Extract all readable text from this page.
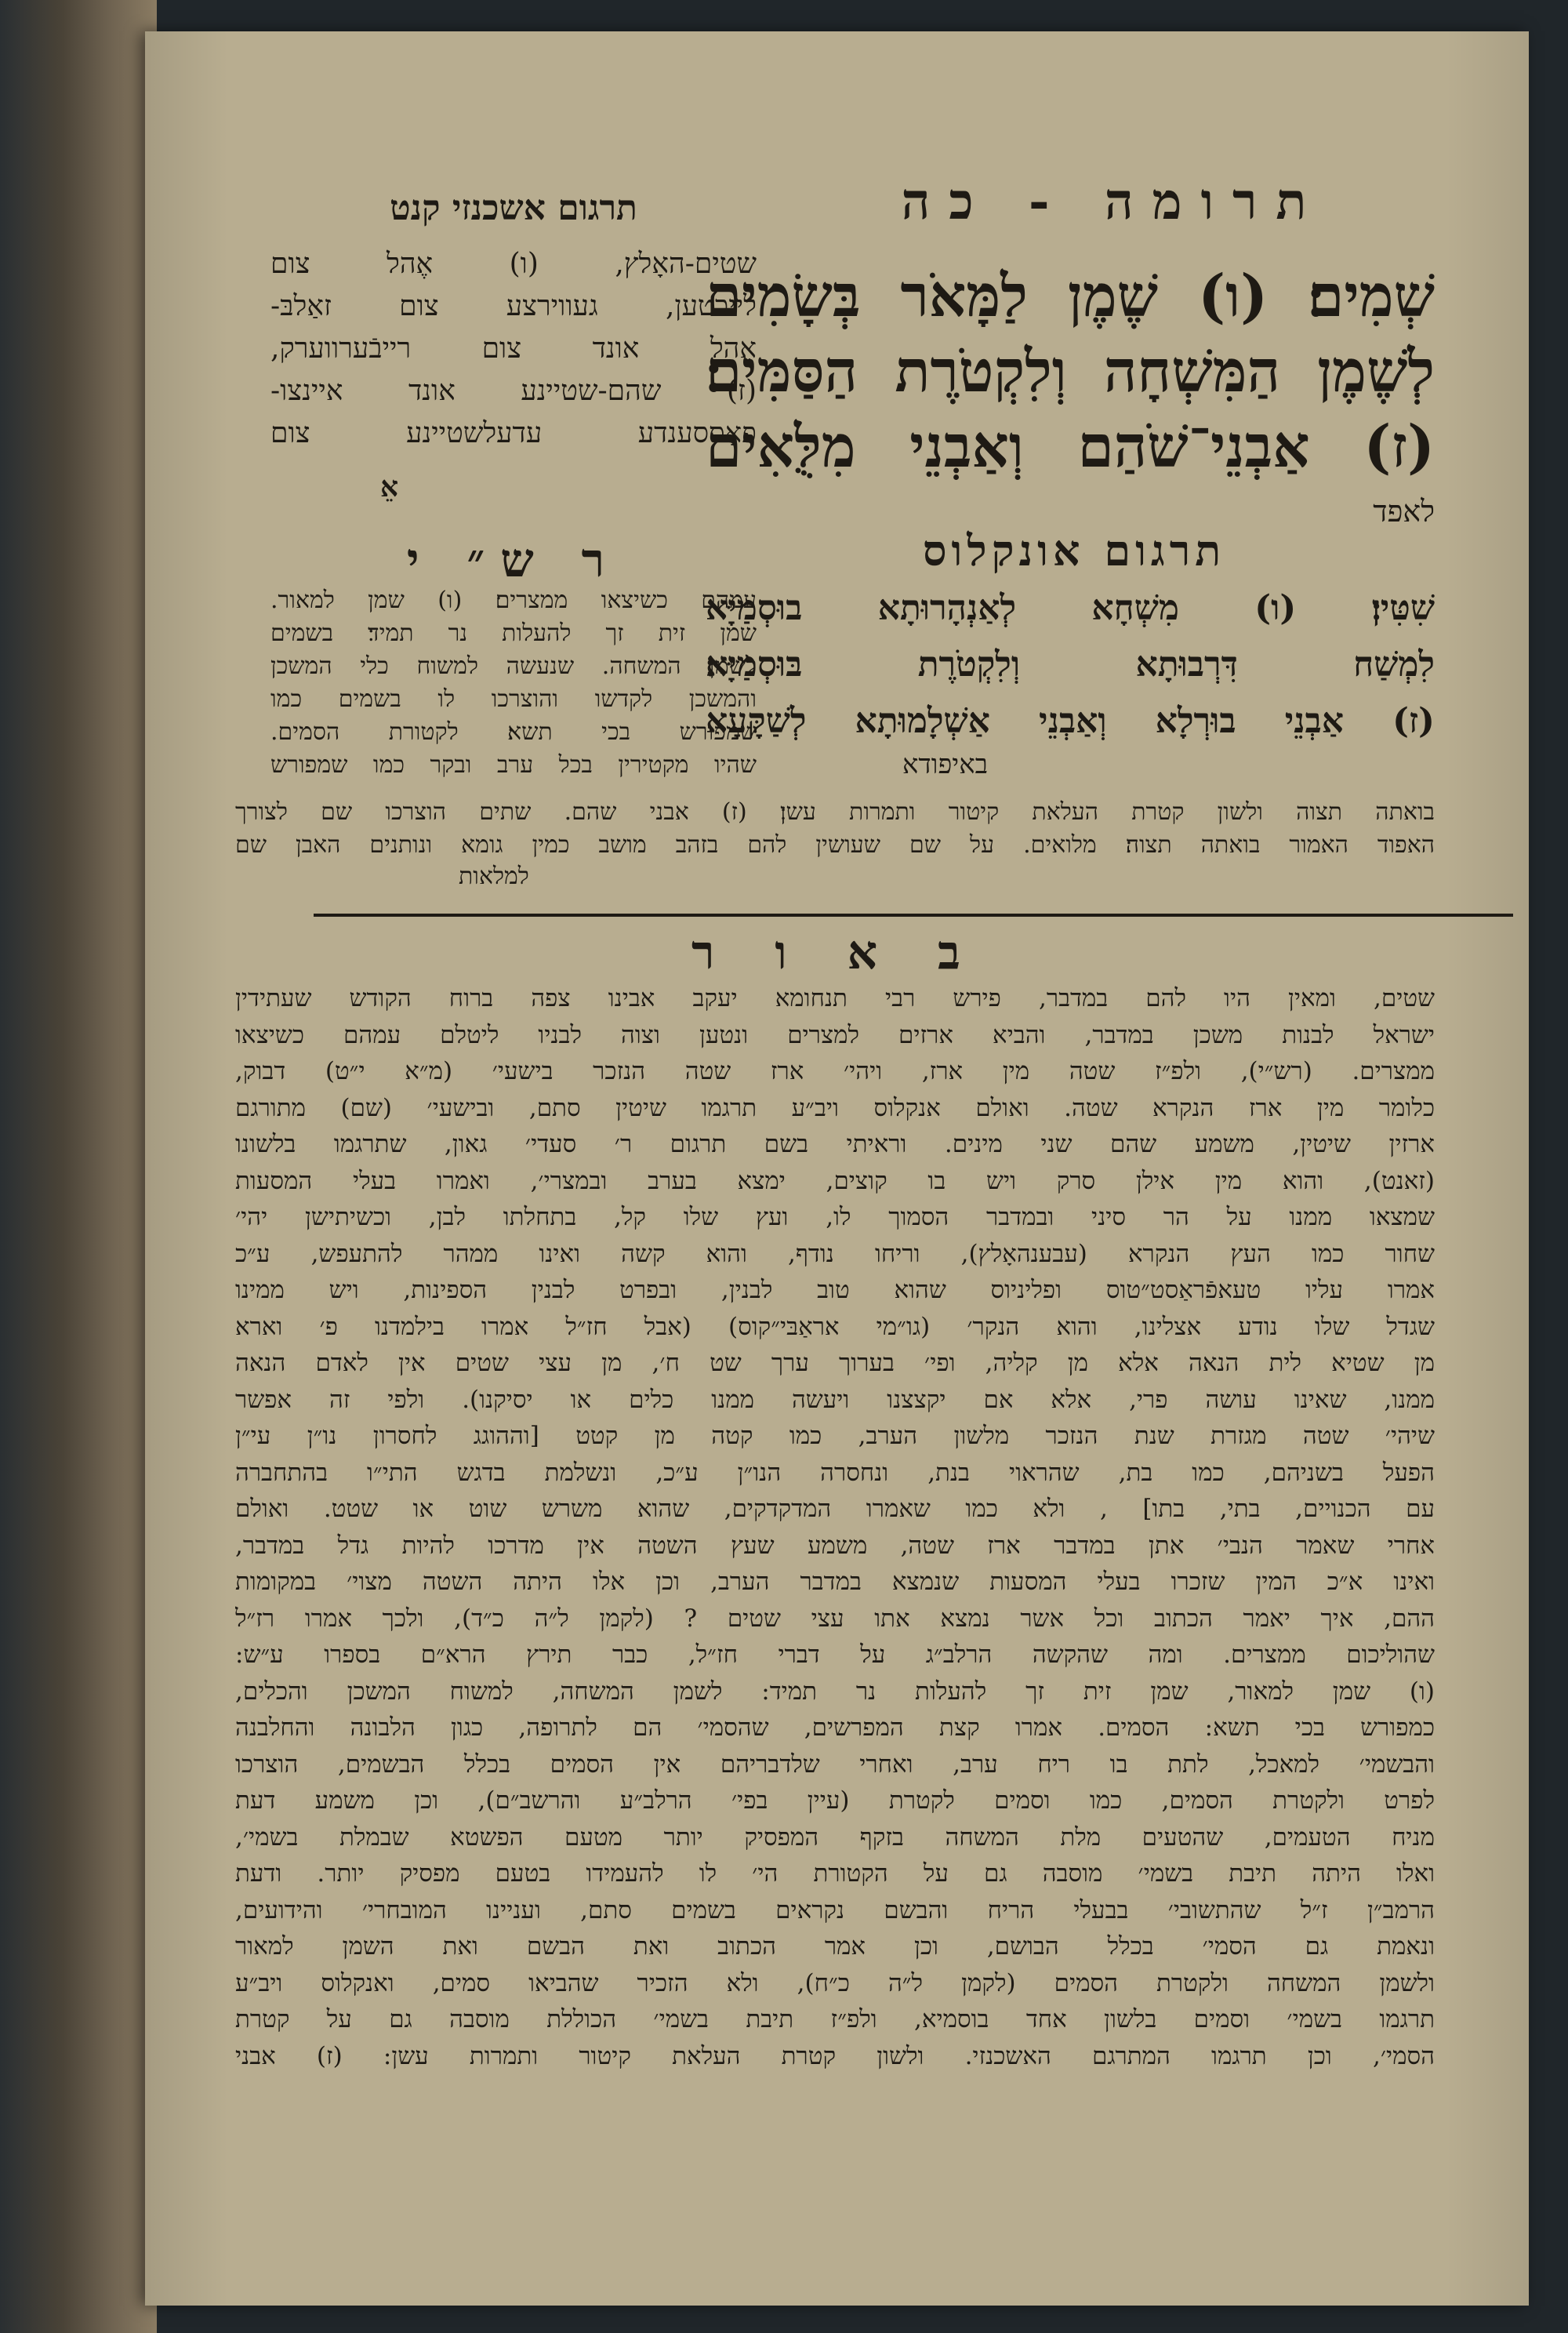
תרומה - כה
תרגום אשכנזי קנט
שְׁמִים׃ (ו) שֶׁמֶן לַמָּאֹר בְּשָׂמִים
לְשֶׁמֶן הַמִּשְׁחָה וְלִקְטֹרֶת הַסַּמִּים׃
(ז) אַבְנֵי־שֹׁהַם וְאַבְנֵי מִלֻּאִים
לאפד
שטים-האָלץ, (ו) אֶהל צום
לייכטען, געווירצע צום זאַלבּ-
אֶהל אונד צום רייבֿערווערק,
(ז) שהם-שטיינע אונד איינצו-
פאַססענדע עדעלשטיינע צום
אֵ
תרגום אונקלוס
שִׁטִּין׃ (ו) מִשְׁחָא לְאַנְהָרוּתָא בוּסְמַיָּא
לִמְשַׁח דִּרְבוּתָא וְלִקְטֹרֶת בּוּסְמַיָּא׃
(ז) אַבְנֵי בוּרְלָא וְאַבְנֵי אַשְׁלָמוּתָא לְשַׁקָּעָא
באיפודא
ר ש״ י
עמהם כשיצאו ממצרים׃ (ו) שמן למאור.
שמן זית זך להעלות נר תמיד׃ בשמים
לשמן המשחה. שנעשה למשוח כלי המשכן
והמשכן לקדשו והוצרכו לו בשמים כמו
שמפורש בכי תשא׃ לקטורת הסמים.
שהיו מקטירין בכל ערב ובקר כמו שמפורש
בואתה תצוה ולשון קטרת העלאת קיטור ותמרות עשן׃ (ז) אבני שהם. שתים הוצרכו שם לצורך
האפוד האמור בואתה תצוה׃ מלואים. על שם שעושין להם בזהב מושב כמין גומא ונותנים האבן שם
למלאות
ב א ו ר
שטים, ומאין היו להם במדבר, פירש רבי תנחומא יעקב אבינו צפה ברוח הקודש שעתידין
ישראל לבנות משכן במדבר, והביא ארזים למצרים ונטען וצוה לבניו ליטלם עמהם כשיצאו
ממצרים. (רש״י), ולפ״ז שטה מין ארז, ויהי׳ ארז שטה הנזכר בישעי׳ (מ״א י״ט) דבוק,
כלומר מין ארז הנקרא שטה. ואולם אנקלוס ויב״ע תרגמו שיטין סתם, ובישעי׳ (שם) מתורגם
ארזין שיטין, משמע שהם שני מינים. וראיתי בשם תרגום ר׳ סעדי׳ גאון, שתרגמו בלשונו
(זאנט), והוא מין אילן סרק ויש בו קוצים, ימצא בערב ובמצרי׳, ואמרו בעלי המסעות
שמצאו ממנו על הר סיני ובמדבר הסמוך לו, ועץ שלו קל, בתחלתו לבן, וכשיתישן יהי׳
שחור כמו העץ הנקרא (עבענהאָלץ), וריחו נודף, והוא קשה ואינו ממהר להתעפש, ע״כ
אמרו עליו טעאפֿראַסט״טוס ופליניוס שהוא טוב לבנין, ובפרט לבנין הספינות, ויש ממינו
שגדל שלו נודע אצלינו, והוא הנקר׳ (גו״מי אראַבּי״קוס) (אבל חז״ל אמרו בילמדנו פ׳ וארא
מן שטיא לית הנאה אלא מן קליה, ופי׳ בערוך ערך שט ח׳, מן עצי שטים אין לאדם הנאה
ממנו, שאינו עושה פרי, אלא אם יקצצנו ויעשה ממנו כלים או יסיקנו). ולפי זה אפשר
שיהי׳ שטה מגזרת שנת הנזכר מלשון הערב, כמו קטה מן קטט [וההוגג לחסרון נו״ן עי״ן
הפעל בשניהם, כמו בת, שהראוי בנת, ונחסרה הנו״ן ע״כ, ונשלמת בדגש התי״ו בהתחברה
עם הכנויים, בתי, בתו] , ולא כמו שאמרו המדקדקים, שהוא משרש שוט או שטט. ואולם
אחרי שאמר הנבי׳ אתן במדבר ארז שטה, משמע שעץ השטה אין מדרכו להיות גדל במדבר,
ואינו א״כ המין שזכרו בעלי המסעות שנמצא במדבר הערב, וכן אלו היתה השטה מצוי׳ במקומות
ההם, איך יאמר הכתוב וכל אשר נמצא אתו עצי שטים ? (לקמן ל״ה כ״ד), ולכך אמרו רז״ל
שהוליכום ממצרים. ומה שהקשה הרלב״ג על דברי חז״ל, כבר תירץ הרא״ם בספרו ע״ש:
(ו) שמן למאור, שמן זית זך להעלות נר תמיד: לשמן המשחה, למשוח המשכן והכלים,
כמפורש בכי תשא: הסמים. אמרו קצת המפרשים, שהסמי׳ הם לתרופה, כגון הלבונה והחלבנה
והבשמי׳ למאכל, לתת בו ריח ערב, ואחרי שלדבריהם אין הסמים בכלל הבשמים, הוצרכו
לפרט ולקטרת הסמים, כמו וסמים לקטרת (עיין בפי׳ הרלב״ע והרשב״ם), וכן משמע דעת
מניח הטעמים, שהטעים מלת המשחה בזקף המפסיק יותר מטעם הפשטא שבמלת בשמי׳,
ואלו היתה תיבת בשמי׳ מוסבה גם על הקטורת הי׳ לו להעמידו בטעם מפסיק יותר. ודעת
הרמב״ן ז״ל שהתשובי׳ בבעלי הריח והבשם נקראים בשמים סתם, ועניינו המובחרי׳ והידועים,
ונאמת גם הסמי׳ בכלל הבושם, וכן אמר הכתוב ואת הבשם ואת השמן למאור
ולשמן המשחה ולקטרת הסמים (לקמן ל״ה כ״ח), ולא הזכיר שהביאו סמים, ואנקלוס ויב״ע
תרגמו בשמי׳ וסמים בלשון אחד בוסמיא, ולפ״ז תיבת בשמי׳ הכוללת מוסבה גם על קטרת
הסמי׳, וכן תרגמו המתרגם האשכנזי. ולשון קטרת העלאת קיטור ותמרות עשן: (ז) אבני
